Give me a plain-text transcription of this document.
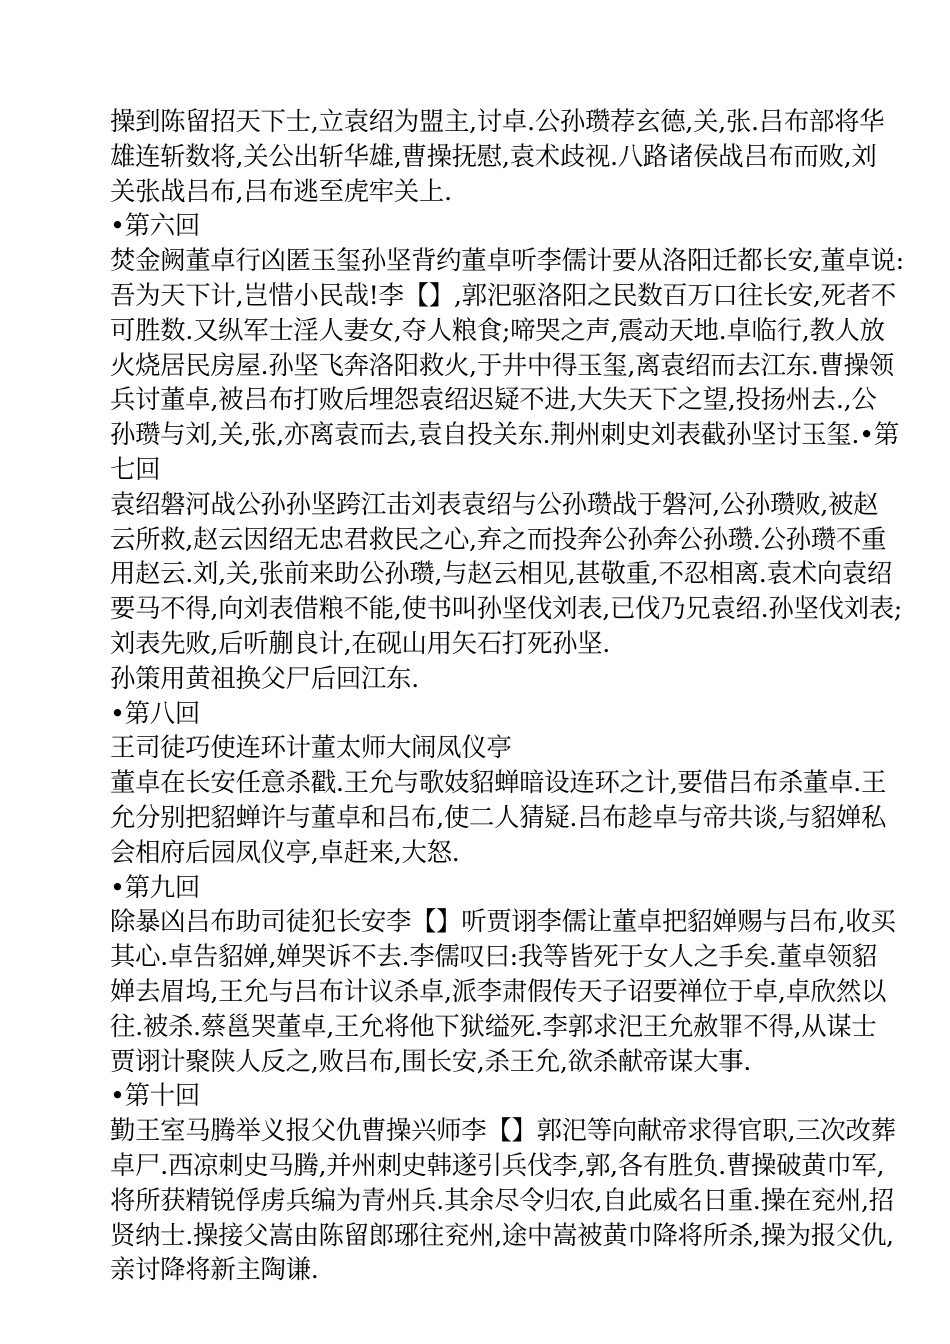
操到陈留招天下士,立袁绍为盟主,讨卓.公孙瓒荐玄德,关,张.吕布部将华
雄连斩数将,关公出斩华雄,曹操抚慰,袁术歧视.八路诸侯战吕布而败,刘
关张战吕布,吕布逃至虎牢关上.
•第六回
焚金阙董卓行凶匿玉玺孙坚背约董卓听李儒计要从洛阳迁都长安,董卓说:
吾为天下计,岂惜小民哉!李【】,郭汜驱洛阳之民数百万口往长安,死者不
可胜数.又纵军士淫人妻女,夺人粮食;啼哭之声,震动天地.卓临行,教人放
火烧居民房屋.孙坚飞奔洛阳救火,于井中得玉玺,离袁绍而去江东.曹操领
兵讨董卓,被吕布打败后埋怨袁绍迟疑不进,大失天下之望,投扬州去.,公
孙瓒与刘,关,张,亦离袁而去,袁自投关东.荆州刺史刘表截孙坚讨玉玺.•第
七回
袁绍磐河战公孙孙坚跨江击刘表袁绍与公孙瓒战于磐河,公孙瓒败,被赵
云所救,赵云因绍无忠君救民之心,弃之而投奔公孙奔公孙瓒.公孙瓒不重
用赵云.刘,关,张前来助公孙瓒,与赵云相见,甚敬重,不忍相离.袁术向袁绍
要马不得,向刘表借粮不能,使书叫孙坚伐刘表,已伐乃兄袁绍.孙坚伐刘表;
刘表先败,后听蒯良计,在砚山用矢石打死孙坚.
孙策用黄祖换父尸后回江东.
•第八回
王司徒巧使连环计董太师大闹凤仪亭
董卓在长安任意杀戳.王允与歌妓貂蝉暗设连环之计,要借吕布杀董卓.王
允分别把貂蝉许与董卓和吕布,使二人猜疑.吕布趁卓与帝共谈,与貂婵私
会相府后园凤仪亭,卓赶来,大怒.
•第九回
除暴凶吕布助司徒犯长安李【】听贾诩李儒让董卓把貂婵赐与吕布,收买
其心.卓告貂婵,婵哭诉不去.李儒叹曰:我等皆死于女人之手矣.董卓领貂
婵去眉坞,王允与吕布计议杀卓,派李肃假传天子诏要禅位于卓,卓欣然以
往.被杀.蔡邕哭董卓,王允将他下狱缢死.李郭求汜王允赦罪不得,从谋士
贾诩计聚陕人反之,败吕布,围长安,杀王允,欲杀献帝谋大事.
•第十回
勤王室马腾举义报父仇曹操兴师李【】郭汜等向献帝求得官职,三次改葬
卓尸.西凉刺史马腾,并州刺史韩遂引兵伐李,郭,各有胜负.曹操破黄巾军,
将所获精锐俘虏兵编为青州兵.其余尽令归农,自此威名日重.操在兖州,招
贤纳士.操接父嵩由陈留郎琊往兖州,途中嵩被黄巾降将所杀,操为报父仇,
亲讨降将新主陶谦.
